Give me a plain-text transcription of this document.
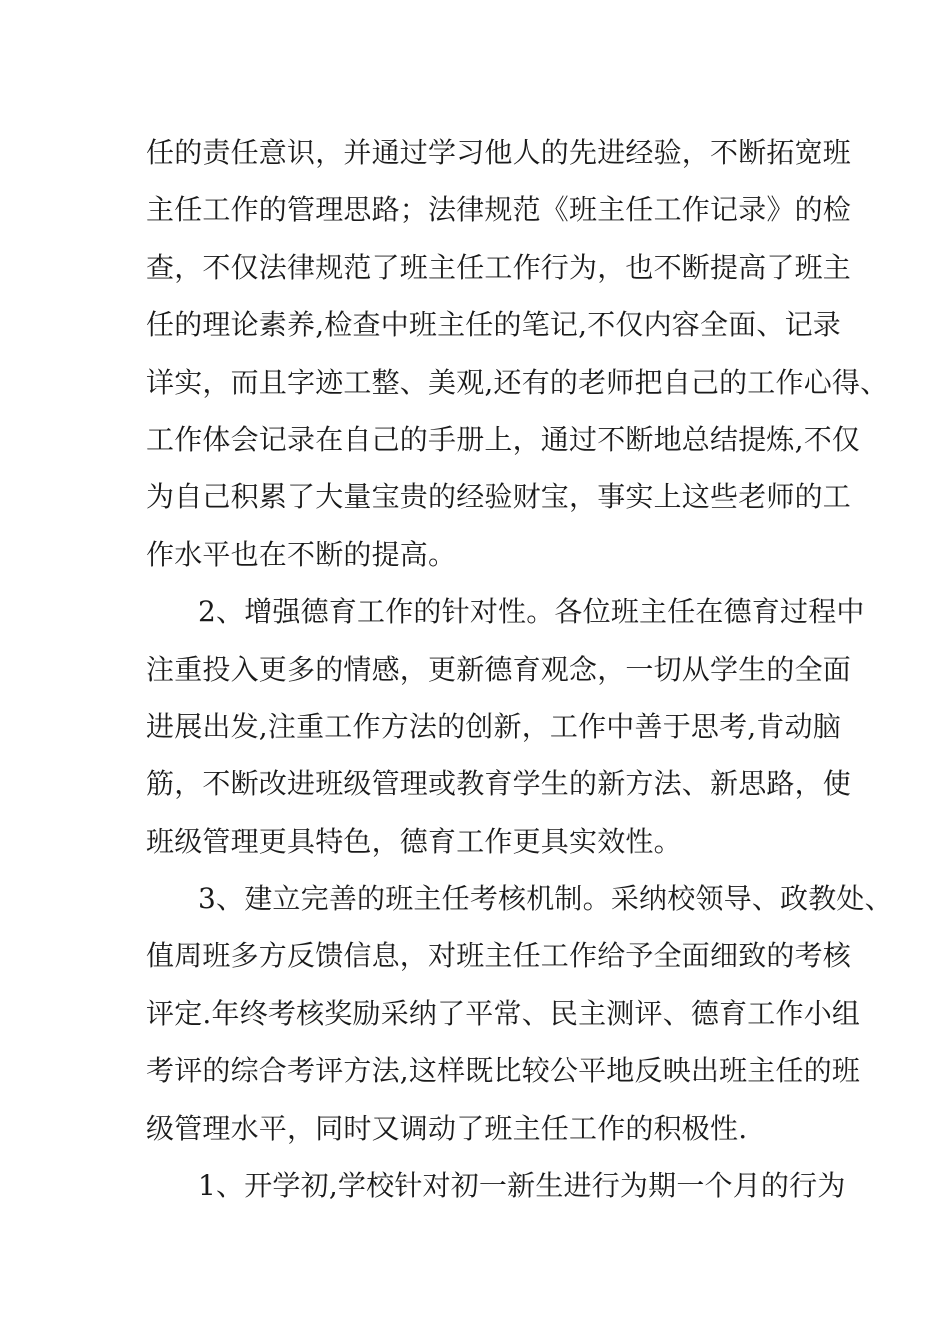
任的责任意识，并通过学习他人的先进经验，不断拓宽班
主任工作的管理思路；法律规范《班主任工作记录》的检
查，不仅法律规范了班主任工作行为，也不断提高了班主
任的理论素养,检查中班主任的笔记,不仅内容全面、记录
详实，而且字迹工整、美观,还有的老师把自己的工作心得、
工作体会记录在自己的手册上，通过不断地总结提炼,不仅
为自己积累了大量宝贵的经验财宝，事实上这些老师的工
作水平也在不断的提高。
2、增强德育工作的针对性。各位班主任在德育过程中
注重投入更多的情感，更新德育观念，一切从学生的全面
进展出发,注重工作方法的创新，工作中善于思考,肯动脑
筋，不断改进班级管理或教育学生的新方法、新思路，使
班级管理更具特色，德育工作更具实效性。
3、建立完善的班主任考核机制。采纳校领导、政教处、
值周班多方反馈信息，对班主任工作给予全面细致的考核
评定.年终考核奖励采纳了平常、民主测评、德育工作小组
考评的综合考评方法,这样既比较公平地反映出班主任的班
级管理水平，同时又调动了班主任工作的积极性.
1、开学初,学校针对初一新生进行为期一个月的行为
